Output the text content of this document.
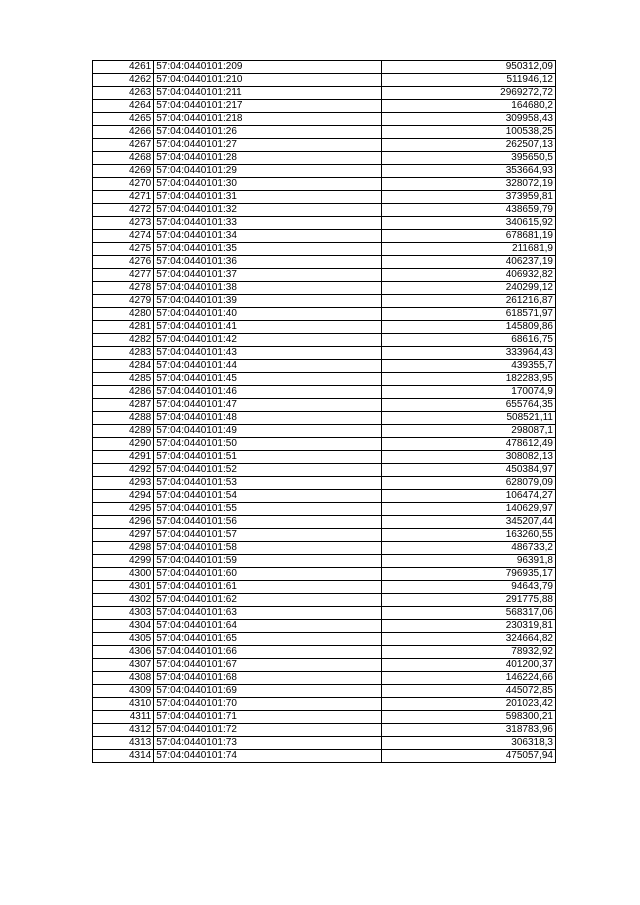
4261	57:04:0440101:209	950312,09
4262	57:04:0440101:210	511946,12
4263	57:04:0440101:211	2969272,72
4264	57:04:0440101:217	164680,2
4265	57:04:0440101:218	309958,43
4266	57:04:0440101:26	100538,25
4267	57:04:0440101:27	262507,13
4268	57:04:0440101:28	395650,5
4269	57:04:0440101:29	353664,93
4270	57:04:0440101:30	328072,19
4271	57:04:0440101:31	373959,81
4272	57:04:0440101:32	438659,79
4273	57:04:0440101:33	340615,92
4274	57:04:0440101:34	678681,19
4275	57:04:0440101:35	211681,9
4276	57:04:0440101:36	406237,19
4277	57:04:0440101:37	406932,82
4278	57:04:0440101:38	240299,12
4279	57:04:0440101:39	261216,87
4280	57:04:0440101:40	618571,97
4281	57:04:0440101:41	145809,86
4282	57:04:0440101:42	68616,75
4283	57:04:0440101:43	333964,43
4284	57:04:0440101:44	439355,7
4285	57:04:0440101:45	182283,95
4286	57:04:0440101:46	170074,9
4287	57:04:0440101:47	655764,35
4288	57:04:0440101:48	508521,11
4289	57:04:0440101:49	298087,1
4290	57:04:0440101:50	478612,49
4291	57:04:0440101:51	308082,13
4292	57:04:0440101:52	450384,97
4293	57:04:0440101:53	628079,09
4294	57:04:0440101:54	106474,27
4295	57:04:0440101:55	140629,97
4296	57:04:0440101:56	345207,44
4297	57:04:0440101:57	163260,55
4298	57:04:0440101:58	486733,2
4299	57:04:0440101:59	96391,8
4300	57:04:0440101:60	796935,17
4301	57:04:0440101:61	94643,79
4302	57:04:0440101:62	291775,88
4303	57:04:0440101:63	568317,06
4304	57:04:0440101:64	230319,81
4305	57:04:0440101:65	324664,82
4306	57:04:0440101:66	78932,92
4307	57:04:0440101:67	401200,37
4308	57:04:0440101:68	146224,66
4309	57:04:0440101:69	445072,85
4310	57:04:0440101:70	201023,42
4311	57:04:0440101:71	598300,21
4312	57:04:0440101:72	318783,96
4313	57:04:0440101:73	306318,3
4314	57:04:0440101:74	475057,94
